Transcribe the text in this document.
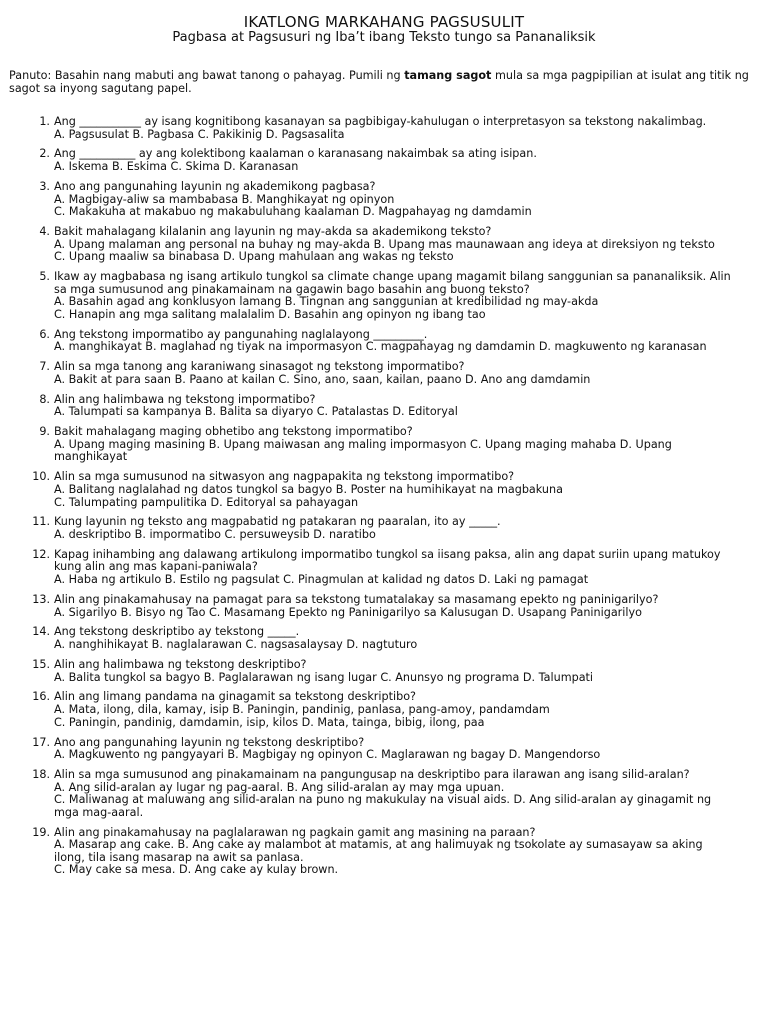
IKATLONG MARKAHANG PAGSUSULIT
Pagbasa at Pagsusuri ng Iba’t ibang Teksto tungo sa Pananaliksik
Panuto: Basahin nang mabuti ang bawat tanong o pahayag. Pumili ng tamang sagot mula sa mga pagpipilian at isulat ang titik ng sagot sa inyong sagutang papel.
1. Ang ___________ ay isang kognitibong kasanayan sa pagbibigay-kahulugan o interpretasyon sa tekstong nakalimbag.
A. Pagsusulat B. Pagbasa C. Pakikinig D. Pagsasalita
2. Ang __________ ay ang kolektibong kaalaman o karanasang nakaimbak sa ating isipan.
A. Iskema B. Eskima C. Skima D. Karanasan
3. Ano ang pangunahing layunin ng akademikong pagbasa?
A. Magbigay-aliw sa mambabasa B. Manghikayat ng opinyon
C. Makakuha at makabuo ng makabuluhang kaalaman D. Magpahayag ng damdamin
4. Bakit mahalagang kilalanin ang layunin ng may-akda sa akademikong teksto?
A. Upang malaman ang personal na buhay ng may-akda B. Upang mas maunawaan ang ideya at direksiyon ng teksto
C. Upang maaliw sa binabasa D. Upang mahulaan ang wakas ng teksto
5. Ikaw ay magbabasa ng isang artikulo tungkol sa climate change upang magamit bilang sanggunian sa pananaliksik. Alin sa mga sumusunod ang pinakamainam na gagawin bago basahin ang buong teksto?
A. Basahin agad ang konklusyon lamang B. Tingnan ang sanggunian at kredibilidad ng may-akda
C. Hanapin ang mga salitang malalalim D. Basahin ang opinyon ng ibang tao
6. Ang tekstong impormatibo ay pangunahing naglalayong _________.
A. manghikayat B. maglahad ng tiyak na impormasyon C. magpahayag ng damdamin D. magkuwento ng karanasan
7. Alin sa mga tanong ang karaniwang sinasagot ng tekstong impormatibo?
A. Bakit at para saan B. Paano at kailan C. Sino, ano, saan, kailan, paano D. Ano ang damdamin
8. Alin ang halimbawa ng tekstong impormatibo?
A. Talumpati sa kampanya B. Balita sa diyaryo C. Patalastas D. Editoryal
9. Bakit mahalagang maging obhetibo ang tekstong impormatibo?
A. Upang maging masining B. Upang maiwasan ang maling impormasyon C. Upang maging mahaba D. Upang manghikayat
10. Alin sa mga sumusunod na sitwasyon ang nagpapakita ng tekstong impormatibo?
A. Balitang naglalahad ng datos tungkol sa bagyo B. Poster na humihikayat na magbakuna
C. Talumpating pampulitika D. Editoryal sa pahayagan
11. Kung layunin ng teksto ang magpabatid ng patakaran ng paaralan, ito ay _____.
A. deskriptibo B. impormatibo C. persuweysib D. naratibo
12. Kapag inihambing ang dalawang artikulong impormatibo tungkol sa iisang paksa, alin ang dapat suriin upang matukoy kung alin ang mas kapani-paniwala?
A. Haba ng artikulo B. Estilo ng pagsulat C. Pinagmulan at kalidad ng datos D. Laki ng pamagat
13. Alin ang pinakamahusay na pamagat para sa tekstong tumatalakay sa masamang epekto ng paninigarilyo?
A. Sigarilyo B. Bisyo ng Tao C. Masamang Epekto ng Paninigarilyo sa Kalusugan D. Usapang Paninigarilyo
14. Ang tekstong deskriptibo ay tekstong _____.
A. nanghihikayat B. naglalarawan C. nagsasalaysay D. nagtuturo
15. Alin ang halimbawa ng tekstong deskriptibo?
A. Balita tungkol sa bagyo B. Paglalarawan ng isang lugar C. Anunsyo ng programa D. Talumpati
16. Alin ang limang pandama na ginagamit sa tekstong deskriptibo?
A. Mata, ilong, dila, kamay, isip B. Paningin, pandinig, panlasa, pang-amoy, pandamdam
C. Paningin, pandinig, damdamin, isip, kilos D. Mata, tainga, bibig, ilong, paa
17. Ano ang pangunahing layunin ng tekstong deskriptibo?
A. Magkuwento ng pangyayari B. Magbigay ng opinyon C. Maglarawan ng bagay D. Mangendorso
18. Alin sa mga sumusunod ang pinakamainam na pangungusap na deskriptibo para ilarawan ang isang silid-aralan?
A. Ang silid-aralan ay lugar ng pag-aaral. B. Ang silid-aralan ay may mga upuan.
C. Maliwanag at maluwang ang silid-aralan na puno ng makukulay na visual aids. D. Ang silid-aralan ay ginagamit ng mga mag-aaral.
19. Alin ang pinakamahusay na paglalarawan ng pagkain gamit ang masining na paraan?
A. Masarap ang cake. B. Ang cake ay malambot at matamis, at ang halimuyak ng tsokolate ay sumasayaw sa aking ilong, tila isang masarap na awit sa panlasa.
C. May cake sa mesa. D. Ang cake ay kulay brown.
